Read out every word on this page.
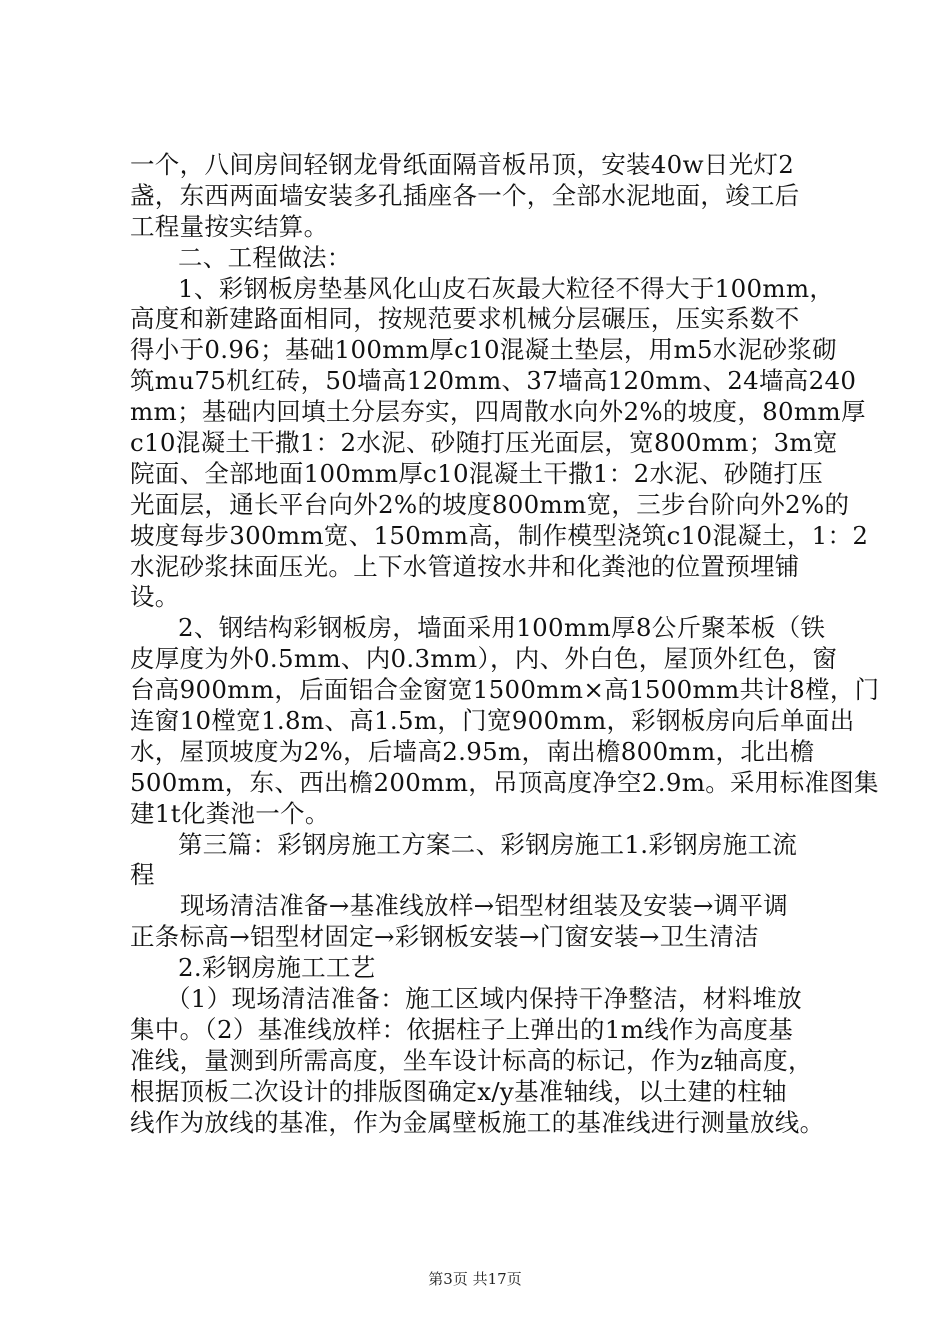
一个，八间房间轻钢龙骨纸面隔音板吊顶，安装40w日光灯2
盏，东西两面墙安装多孔插座各一个，全部水泥地面，竣工后
工程量按实结算。
二、工程做法：
1、彩钢板房垫基风化山皮石灰最大粒径不得大于100mm，
高度和新建路面相同，按规范要求机械分层碾压，压实系数不
得小于0.96；基础100mm厚c10混凝土垫层，用m5水泥砂浆砌
筑mu75机红砖，50墙高120mm、37墙高120mm、24墙高240
mm；基础内回填土分层夯实，四周散水向外2%的坡度，80mm厚
c10混凝土干撒1：2水泥、砂随打压光面层，宽800mm；3m宽
院面、全部地面100mm厚c10混凝土干撒1：2水泥、砂随打压
光面层，通长平台向外2%的坡度800mm宽，三步台阶向外2%的
坡度每步300mm宽、150mm高，制作模型浇筑c10混凝土，1：2
水泥砂浆抹面压光。上下水管道按水井和化粪池的位置预埋铺
设。
2、钢结构彩钢板房，墙面采用100mm厚8公斤聚苯板（铁
皮厚度为外0.5mm、内0.3mm），内、外白色，屋顶外红色，窗
台高900mm，后面铝合金窗宽1500mm×高1500mm共计8樘，门
连窗10樘宽1.8m、高1.5m，门宽900mm，彩钢板房向后单面出
水，屋顶坡度为2%，后墙高2.95m，南出檐800mm，北出檐
500mm，东、西出檐200mm，吊顶高度净空2.9m。采用标准图集
建1t化粪池一个。
第三篇：彩钢房施工方案二、彩钢房施工1.彩钢房施工流
程
现场清洁准备→基准线放样→铝型材组装及安装→调平调
正条标高→铝型材固定→彩钢板安装→门窗安装→卫生清洁
2.彩钢房施工工艺
（1）现场清洁准备：施工区域内保持干净整洁，材料堆放
集中。（2）基准线放样：依据柱子上弹出的1m线作为高度基
准线，量测到所需高度，坐车设计标高的标记，作为z轴高度，
根据顶板二次设计的排版图确定x/y基准轴线，以土建的柱轴
线作为放线的基准，作为金属壁板施工的基准线进行测量放线。
第3页 共17页
